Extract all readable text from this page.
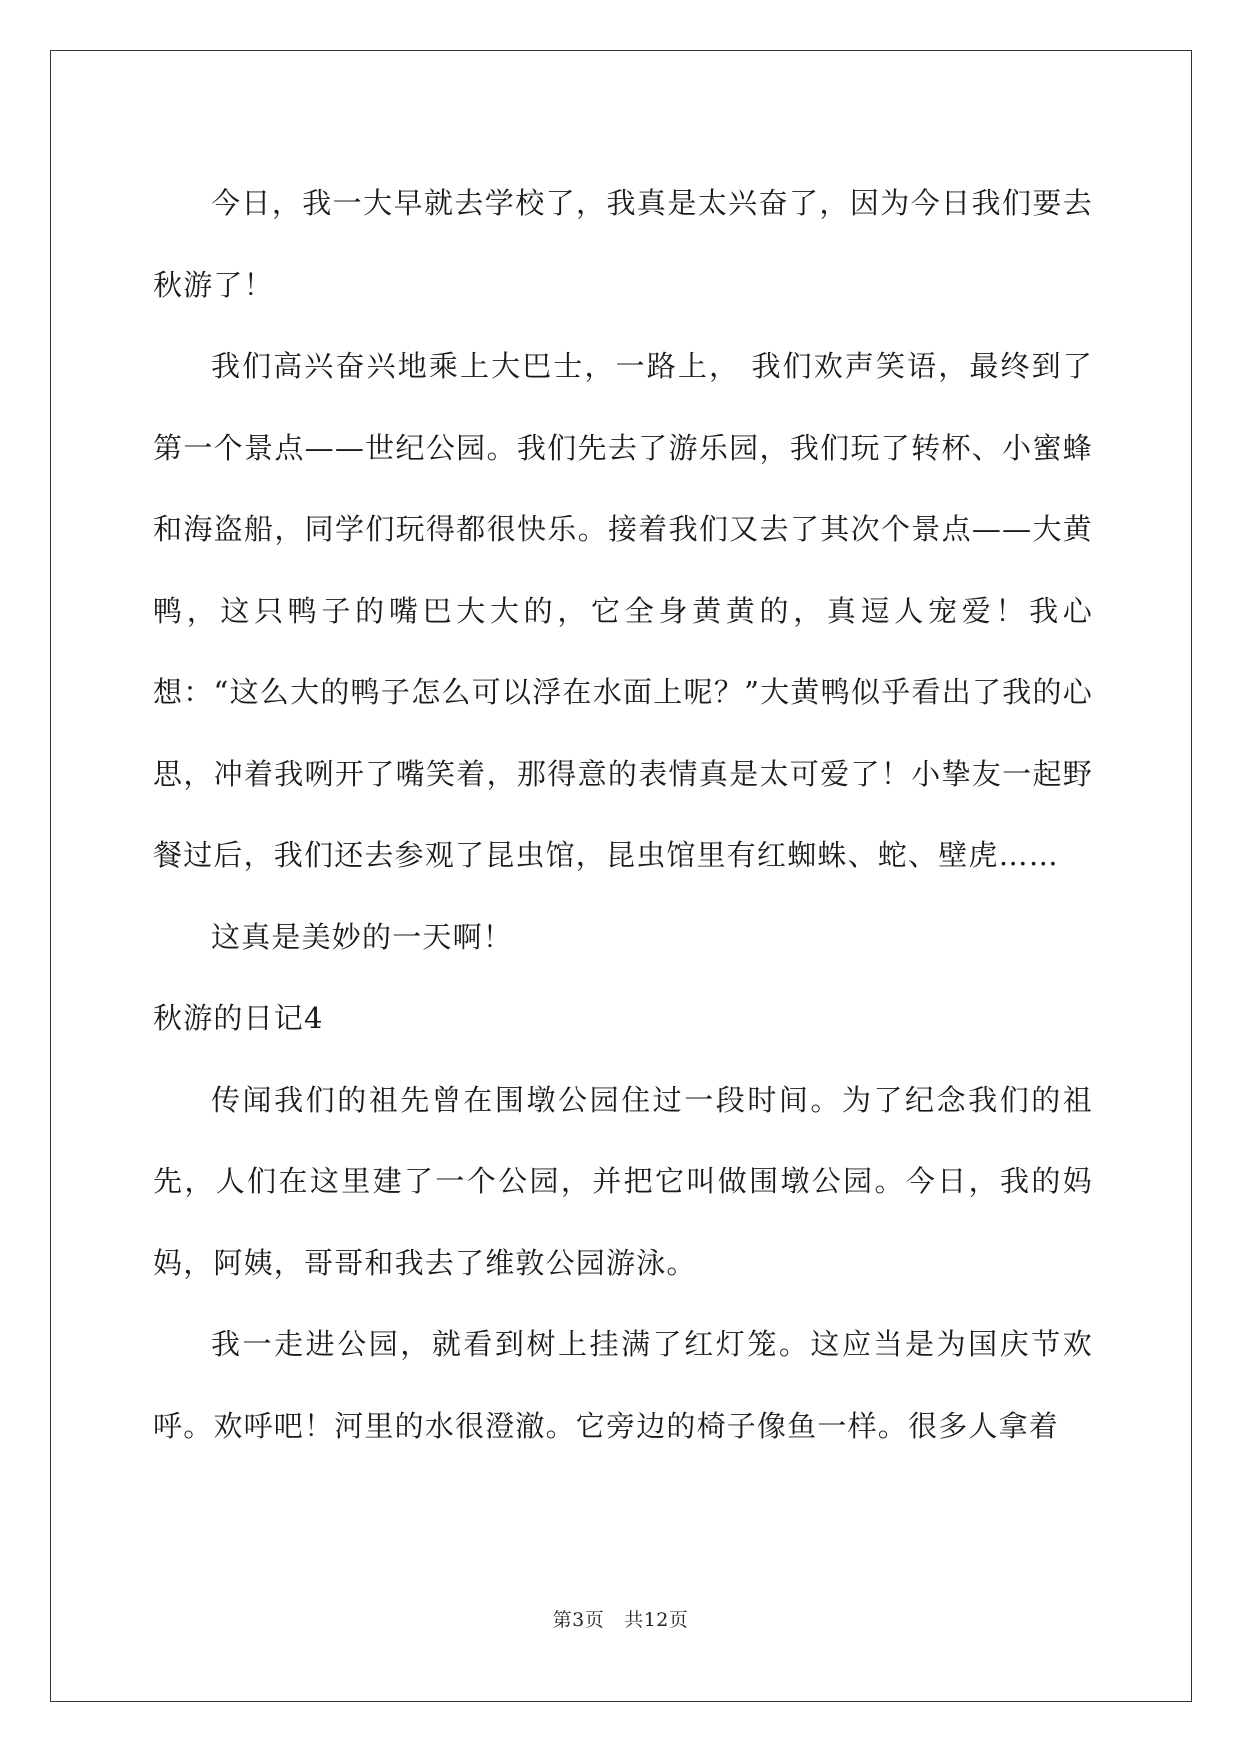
今日，我一大早就去学校了，我真是太兴奋了，因为今日我们要去秋游了！

我们高兴奋兴地乘上大巴士，一路上， 我们欢声笑语，最终到了第一个景点——世纪公园。我们先去了游乐园，我们玩了转杯、小蜜蜂和海盗船，同学们玩得都很快乐。接着我们又去了其次个景点——大黄鸭，这只鸭子的嘴巴大大的，它全身黄黄的，真逗人宠爱！我心想：“这么大的鸭子怎么可以浮在水面上呢？”大黄鸭似乎看出了我的心思，冲着我咧开了嘴笑着，那得意的表情真是太可爱了！小挚友一起野餐过后，我们还去参观了昆虫馆，昆虫馆里有红蜘蛛、蛇、壁虎……

这真是美妙的一天啊！

秋游的日记4

传闻我们的祖先曾在围墩公园住过一段时间。为了纪念我们的祖先，人们在这里建了一个公园，并把它叫做围墩公园。今日，我的妈妈，阿姨，哥哥和我去了维敦公园游泳。

我一走进公园，就看到树上挂满了红灯笼。这应当是为国庆节欢呼。欢呼吧！河里的水很澄澈。它旁边的椅子像鱼一样。很多人拿着

第3页 共12页
